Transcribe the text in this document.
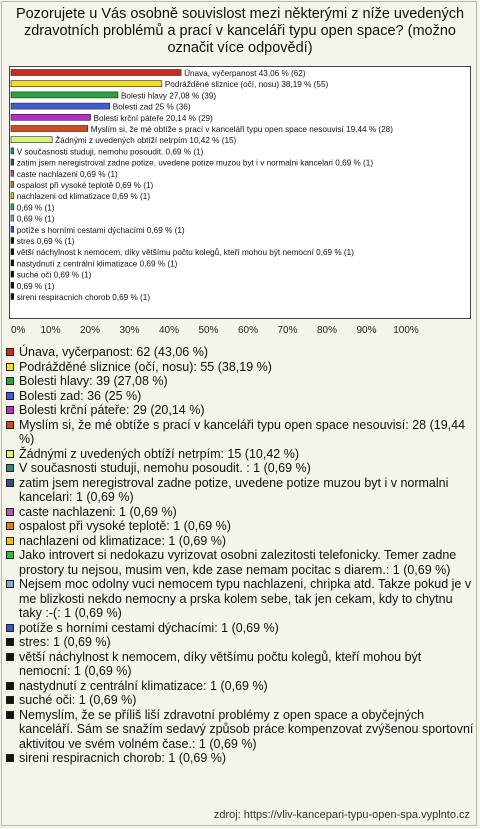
Pozorujete u Vás osobně souvislost mezi některými z níže uvedených zdravotních problémů a prací v kanceláři typu open space? (možno označit více odpovědí)
Únava, vyčerpanost 43,06 % (62)
Podrážděné sliznice (očí, nosu) 38,19 % (55)
Bolesti hlavy 27,08 % (39)
Bolesti zad 25 % (36)
Bolesti krční páteře 20,14 % (29)
Myslím si, že mé obtíže s prací v kanceláři typu open space nesouvisí 19,44 % (28)
Žádnými z uvedených obtíží netrpím 10,42 % (15)
V současnosti studuji, nemohu posoudit. 0,69 % (1)
zatim jsem neregistroval zadne potize, uvedene potize muzou byt i v normalni kancelari 0,69 % (1)
caste nachlazeni 0,69 % (1)
ospalost při vysoké teplotě 0,69 % (1)
nachlazeni od klimatizace 0,69 % (1)
0,69 % (1)
0,69 % (1)
potíže s horními cestami dýchacími 0,69 % (1)
stres 0,69 % (1)
větší náchylnost k nemocem, díky většímu počtu kolegů, kteří mohou být nemocní 0,69 % (1)
nastydnutí z centrální klimatizace 0,69 % (1)
suché oči 0,69 % (1)
0,69 % (1)
sireni respiracnich chorob 0,69 % (1)
0% 10% 20% 30% 40% 50% 60% 70% 80% 90% 100%
Únava, vyčerpanost: 62 (43,06 %)
Podrážděné sliznice (očí, nosu): 55 (38,19 %)
Bolesti hlavy: 39 (27,08 %)
Bolesti zad: 36 (25 %)
Bolesti krční páteře: 29 (20,14 %)
Myslím si, že mé obtíže s prací v kanceláři typu open space nesouvisí: 28 (19,44 %)
Žádnými z uvedených obtíží netrpím: 15 (10,42 %)
V současnosti studuji, nemohu posoudit. : 1 (0,69 %)
zatim jsem neregistroval zadne potize, uvedene potize muzou byt i v normalni kancelari: 1 (0,69 %)
caste nachlazeni: 1 (0,69 %)
ospalost při vysoké teplotě: 1 (0,69 %)
nachlazeni od klimatizace: 1 (0,69 %)
Jako introvert si nedokazu vyrizovat osobni zalezitosti telefonicky. Temer zadne prostory tu nejsou, musim ven, kde zase nemam pocitac s diarem.: 1 (0,69 %)
Nejsem moc odolny vuci nemocem typu nachlazeni, chripka atd. Takze pokud je v me blizkosti nekdo nemocny a prska kolem sebe, tak jen cekam, kdy to chytnu taky :-(: 1 (0,69 %)
potíže s horními cestami dýchacími: 1 (0,69 %)
stres: 1 (0,69 %)
větší náchylnost k nemocem, díky většímu počtu kolegů, kteří mohou být nemocní: 1 (0,69 %)
nastydnutí z centrální klimatizace: 1 (0,69 %)
suché oči: 1 (0,69 %)
Nemyslím, že se příliš liší zdravotní problémy z open space a obyčejných kanceláří. Sám se snažím sedavý způsob práce kompenzovat zvýšenou sportovní aktivitou ve svém volném čase.: 1 (0,69 %)
sireni respiracnich chorob: 1 (0,69 %)
zdroj: https://vliv-kancepari-typu-open-spa.vyplnto.cz
